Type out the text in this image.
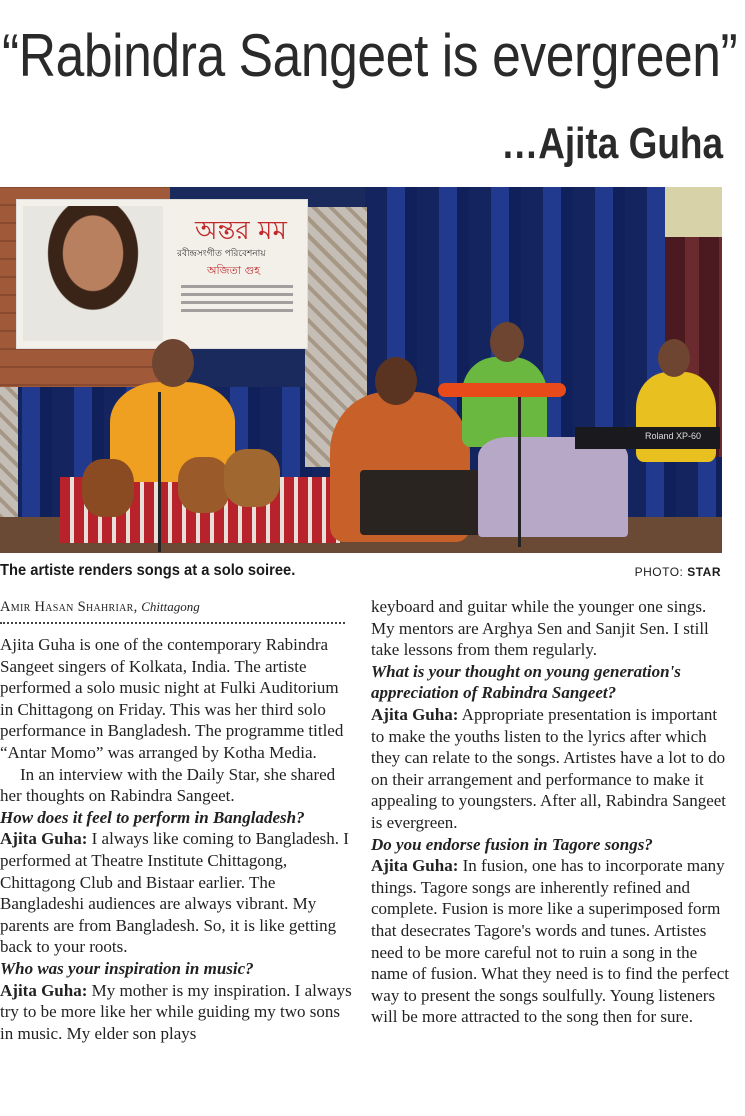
“Rabindra Sangeet is evergreen”
…Ajita Guha
অন্তর মম
রবীন্দ্রসংগীত পরিবেশনায়
অজিতা গুহ
Roland XP-60
The artiste renders songs at a solo soiree.	PHOTO: STAR
Amir Hasan Shahriar, Chittagong

Ajita Guha is one of the contemporary Rabindra Sangeet singers of Kolkata, India. The artiste performed a solo music night at Fulki Auditorium in Chittagong on Friday. This was her third solo performance in Bangladesh. The programme titled “Antar Momo” was arranged by Kotha Media.

In an interview with the Daily Star, she shared her thoughts on Rabindra Sangeet.

How does it feel to perform in Bangladesh?

Ajita Guha: I always like coming to Bangladesh. I performed at Theatre Institute Chittagong, Chittagong Club and Bistaar earlier. The Bangladeshi audiences are always vibrant. My parents are from Bangladesh. So, it is like getting back to your roots.

Who was your inspiration in music?

Ajita Guha: My mother is my inspiration. I always try to be more like her while guiding my two sons in music. My elder son plays

keyboard and guitar while the younger one sings. My mentors are Arghya Sen and Sanjit Sen. I still take lessons from them regularly.

What is your thought on young generation's appreciation of Rabindra Sangeet?

Ajita Guha: Appropriate presentation is important to make the youths listen to the lyrics after which they can relate to the songs. Artistes have a lot to do on their arrangement and performance to make it appealing to youngsters. After all, Rabindra Sangeet is evergreen.

Do you endorse fusion in Tagore songs?

Ajita Guha: In fusion, one has to incorporate many things. Tagore songs are inherently refined and complete. Fusion is more like a superimposed form that desecrates Tagore's words and tunes. Artistes need to be more careful not to ruin a song in the name of fusion. What they need is to find the perfect way to present the songs soulfully. Young listeners will be more attracted to the song then for sure.
